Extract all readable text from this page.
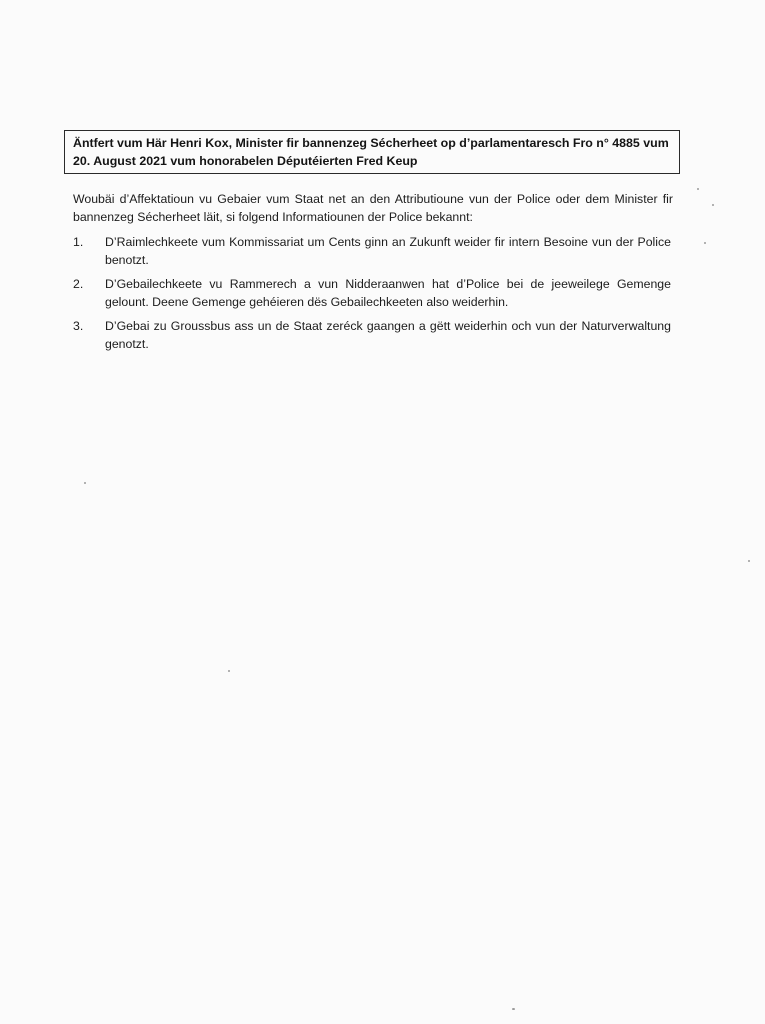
Äntfert vum Här Henri Kox, Minister fir bannenzeg Sécherheet op d’parlamentaresch Fro n° 4885 vum 20. August 2021 vum honorabelen Députéierten Fred Keup
Woubäi d’Affektatioun vu Gebaier vum Staat net an den Attributioune vun der Police oder dem Minister fir bannenzeg Sécherheet läit, si folgend Informatiounen der Police bekannt:
1.	D’Raimlechkeete vum Kommissariat um Cents ginn an Zukunft weider fir intern Besoine vun der Police benotzt.
2.	D’Gebailechkeete vu Rammerech a vun Nidderaanwen hat d’Police bei de jeeweilege Gemenge gelount. Deene Gemenge gehéieren dës Gebailechkeeten also weiderhin.
3.	D’Gebai zu Groussbus ass un de Staat zeréck gaangen a gëtt weiderhin och vun der Naturverwaltung genotzt.
